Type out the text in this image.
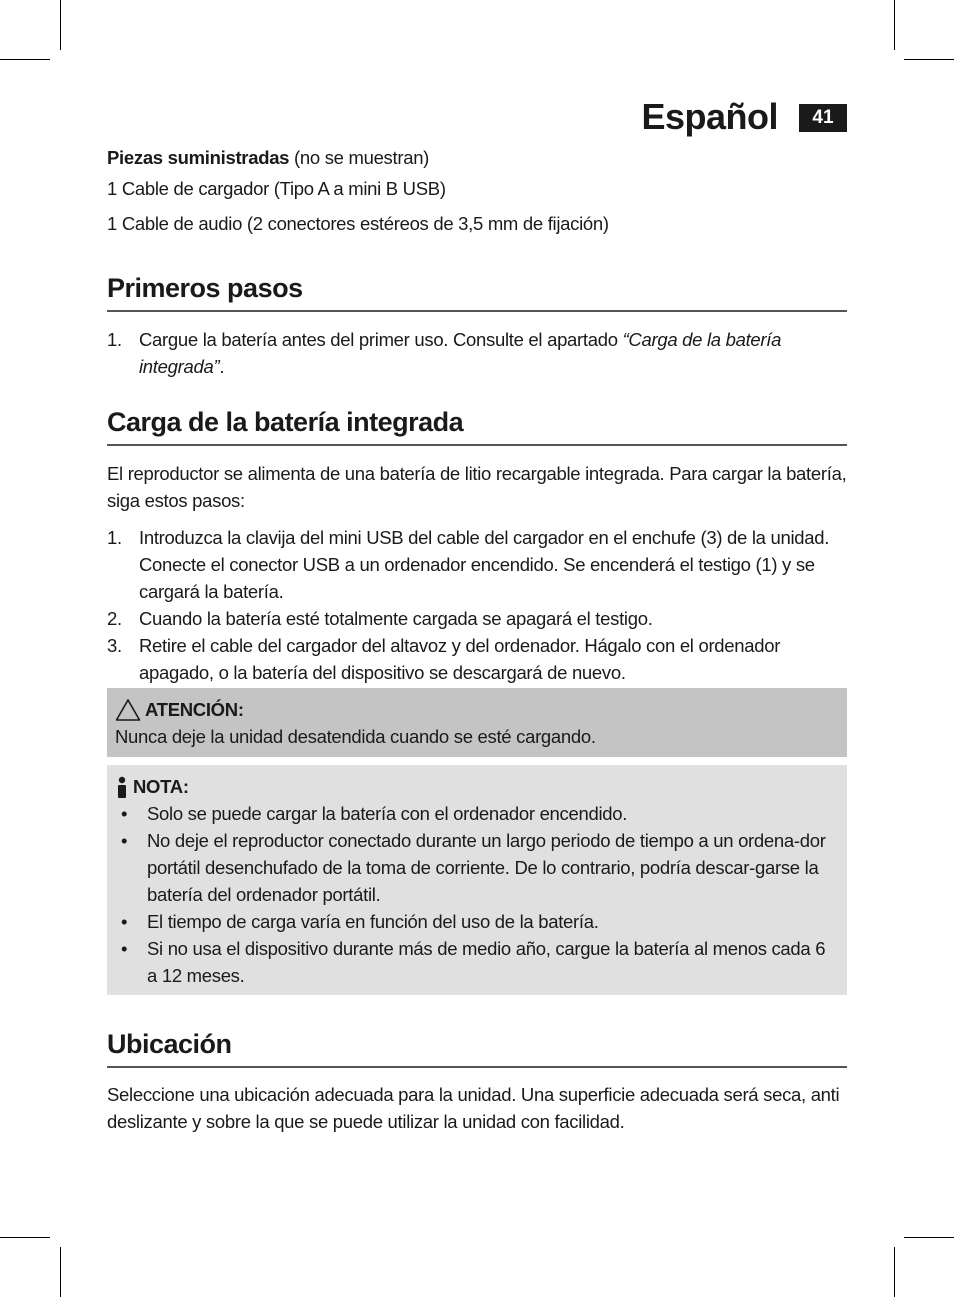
Español	41

Piezas suministradas (no se muestran)

1 Cable de cargador (Tipo A a mini B USB)

1 Cable de audio (2 conectores estéreos de 3,5 mm de fijación)

Primeros pasos
1. Cargue la batería antes del primer uso. Consulte el apartado “Carga de la batería integrada”.
Carga de la batería integrada

El reproductor se alimenta de una batería de litio recargable integrada. Para cargar la batería, siga estos pasos:

1. Introduzca la clavija del mini USB del cable del cargador en el enchufe (3) de la unidad. Conecte el conector USB a un ordenador encendido. Se encenderá el testigo (1) y se cargará la batería.
2. Cuando la batería esté totalmente cargada se apagará el testigo.
3. Retire el cable del cargador del altavoz y del ordenador. Hágalo con el ordenador apagado, o la batería del dispositivo se descargará de nuevo.
ATENCIÓN:
Nunca deje la unidad desatendida cuando se esté cargando.
NOTA:
• Solo se puede cargar la batería con el ordenador encendido.
• No deje el reproductor conectado durante un largo periodo de tiempo a un ordena-dor portátil desenchufado de la toma de corriente. De lo contrario, podría descar-garse la batería del ordenador portátil.
• El tiempo de carga varía en función del uso de la batería.
• Si no usa el dispositivo durante más de medio año, cargue la batería al menos cada 6 a 12 meses.
Ubicación

Seleccione una ubicación adecuada para la unidad. Una superficie adecuada será seca, anti deslizante y sobre la que se puede utilizar la unidad con facilidad.
